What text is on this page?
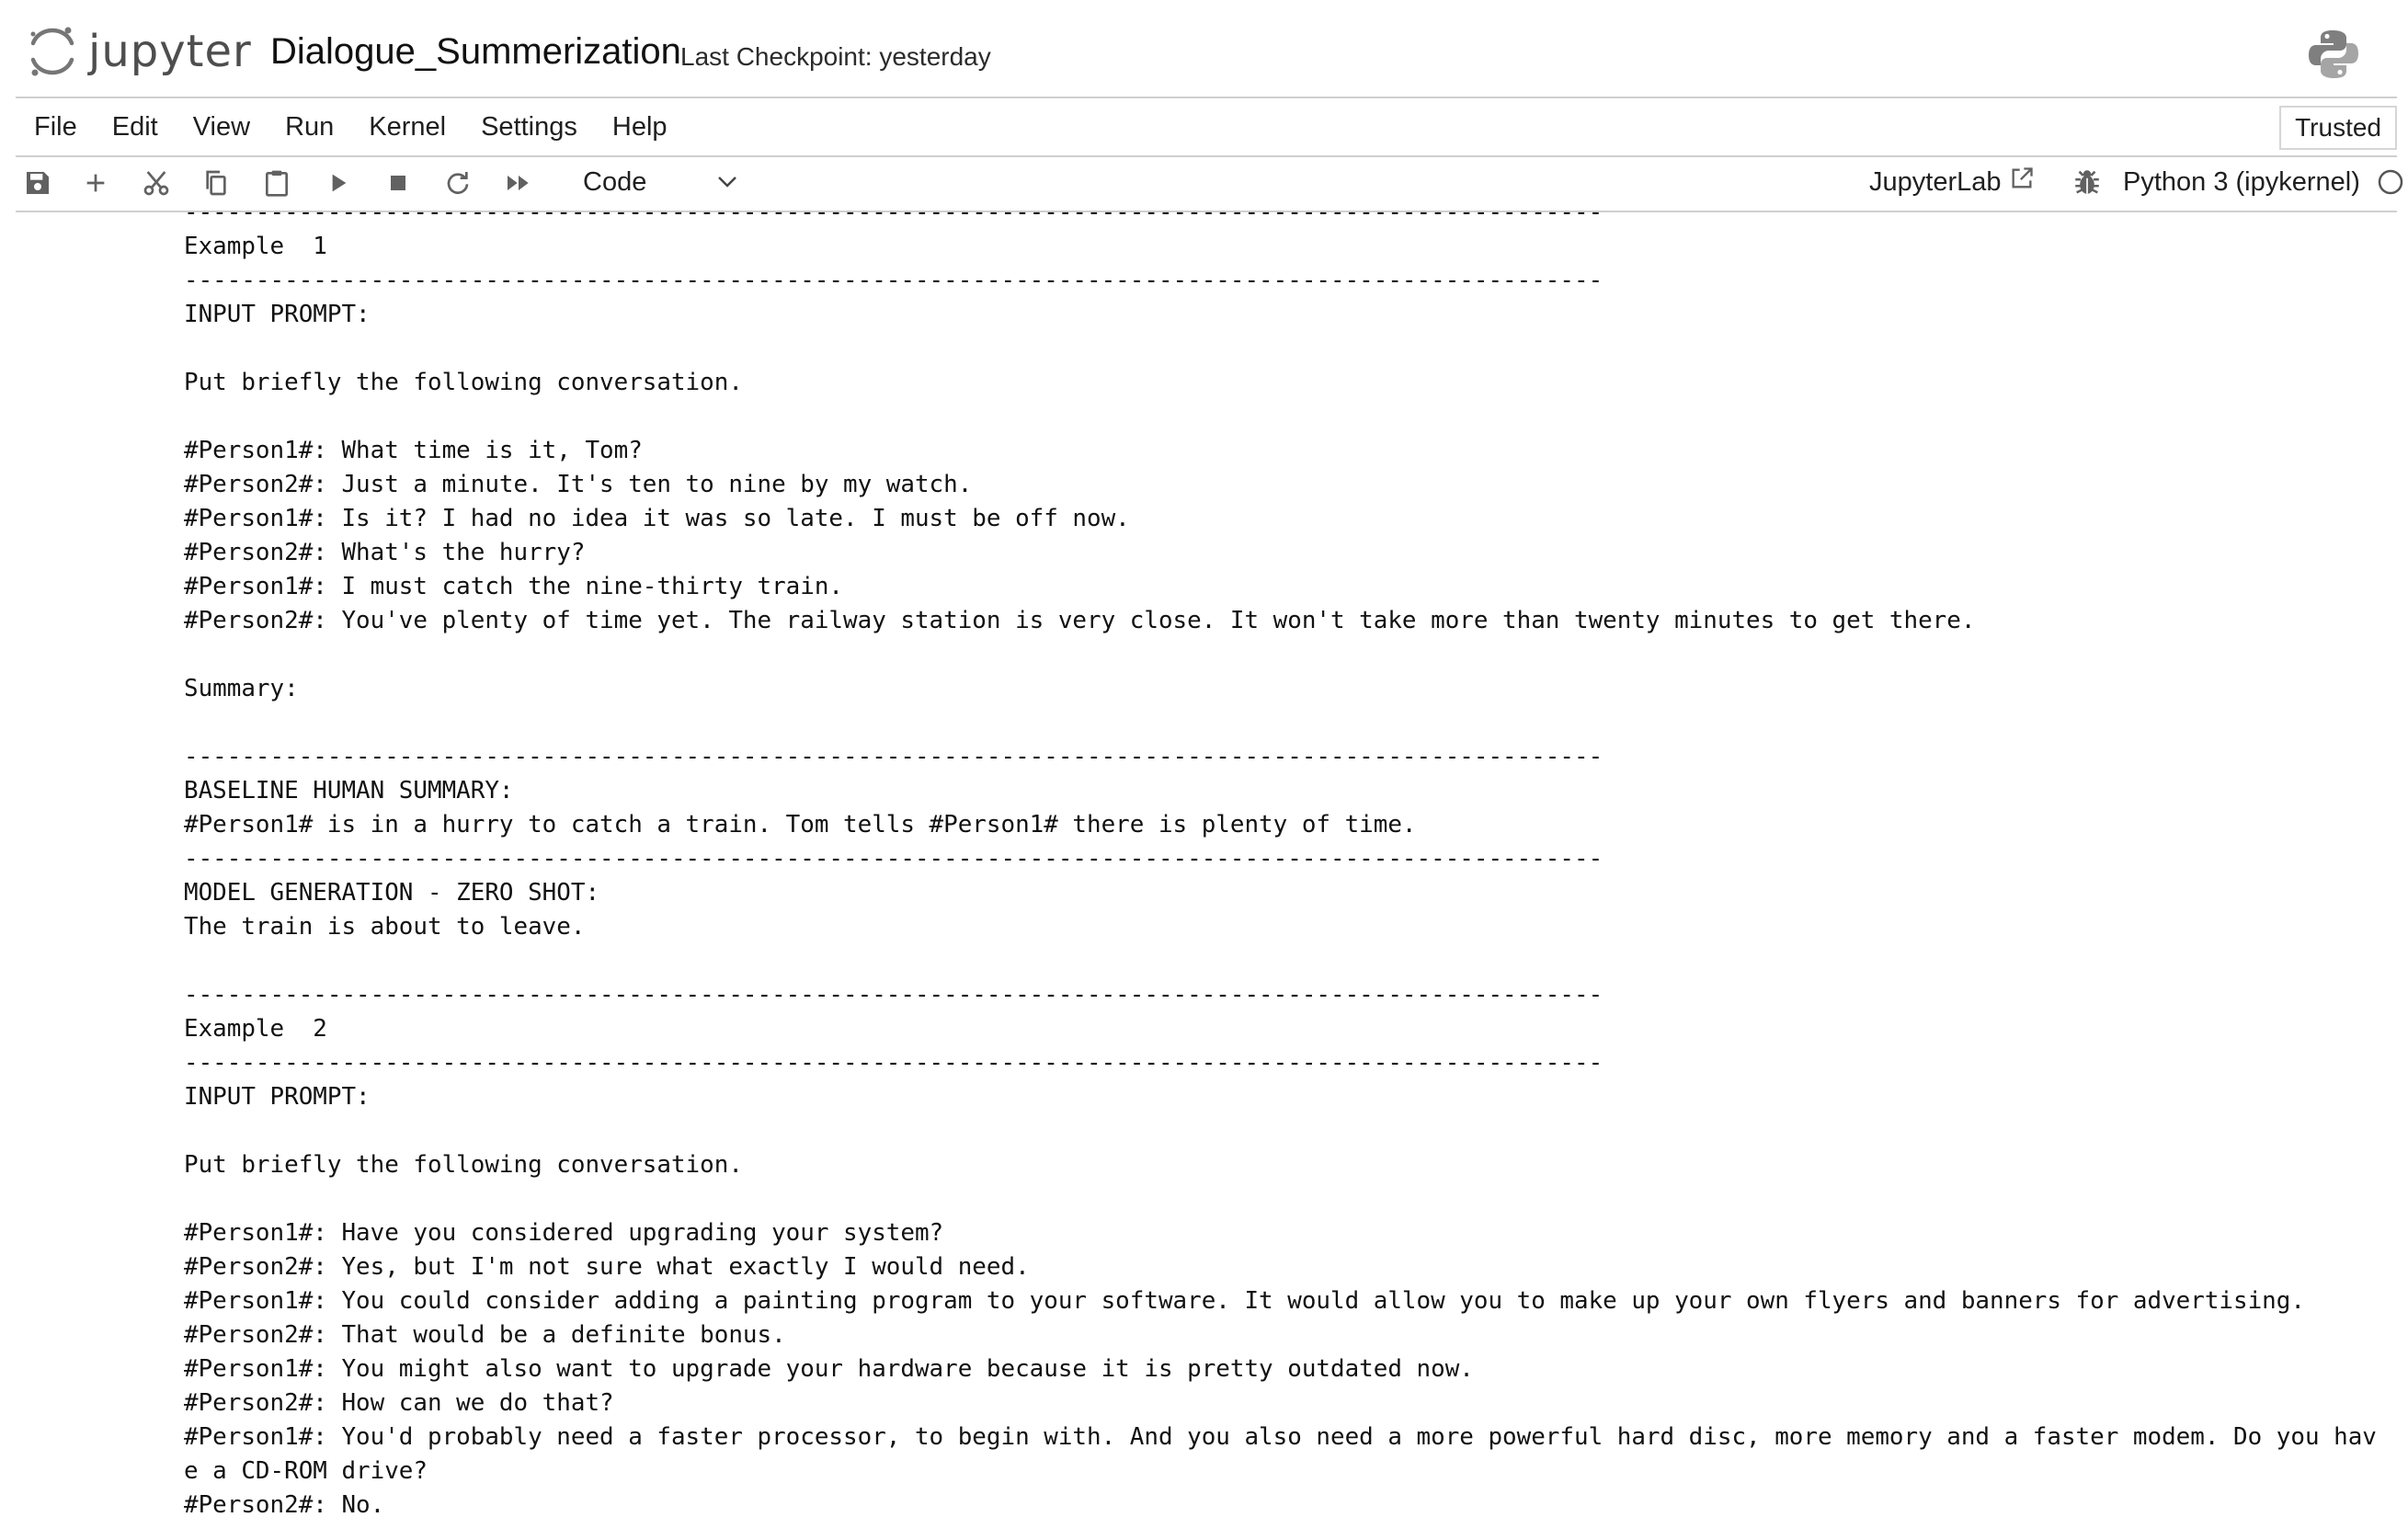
jupyter Dialogue_Summerization Last Checkpoint: yesterday
File Edit View Run Kernel Settings Help	Trusted
Code	JupyterLab	Python 3 (ipykernel)
---------------------------------------------------------------------------------------------------
Example  1
---------------------------------------------------------------------------------------------------
INPUT PROMPT:

Put briefly the following conversation.

#Person1#: What time is it, Tom?
#Person2#: Just a minute. It's ten to nine by my watch.
#Person1#: Is it? I had no idea it was so late. I must be off now.
#Person2#: What's the hurry?
#Person1#: I must catch the nine-thirty train.
#Person2#: You've plenty of time yet. The railway station is very close. It won't take more than twenty minutes to get there.

Summary:

---------------------------------------------------------------------------------------------------
BASELINE HUMAN SUMMARY:
#Person1# is in a hurry to catch a train. Tom tells #Person1# there is plenty of time.
---------------------------------------------------------------------------------------------------
MODEL GENERATION - ZERO SHOT:
The train is about to leave.

---------------------------------------------------------------------------------------------------
Example  2
---------------------------------------------------------------------------------------------------
INPUT PROMPT:

Put briefly the following conversation.

#Person1#: Have you considered upgrading your system?
#Person2#: Yes, but I'm not sure what exactly I would need.
#Person1#: You could consider adding a painting program to your software. It would allow you to make up your own flyers and banners for advertising.
#Person2#: That would be a definite bonus.
#Person1#: You might also want to upgrade your hardware because it is pretty outdated now.
#Person2#: How can we do that?
#Person1#: You'd probably need a faster processor, to begin with. And you also need a more powerful hard disc, more memory and a faster modem. Do you hav
e a CD-ROM drive?
#Person2#: No.
